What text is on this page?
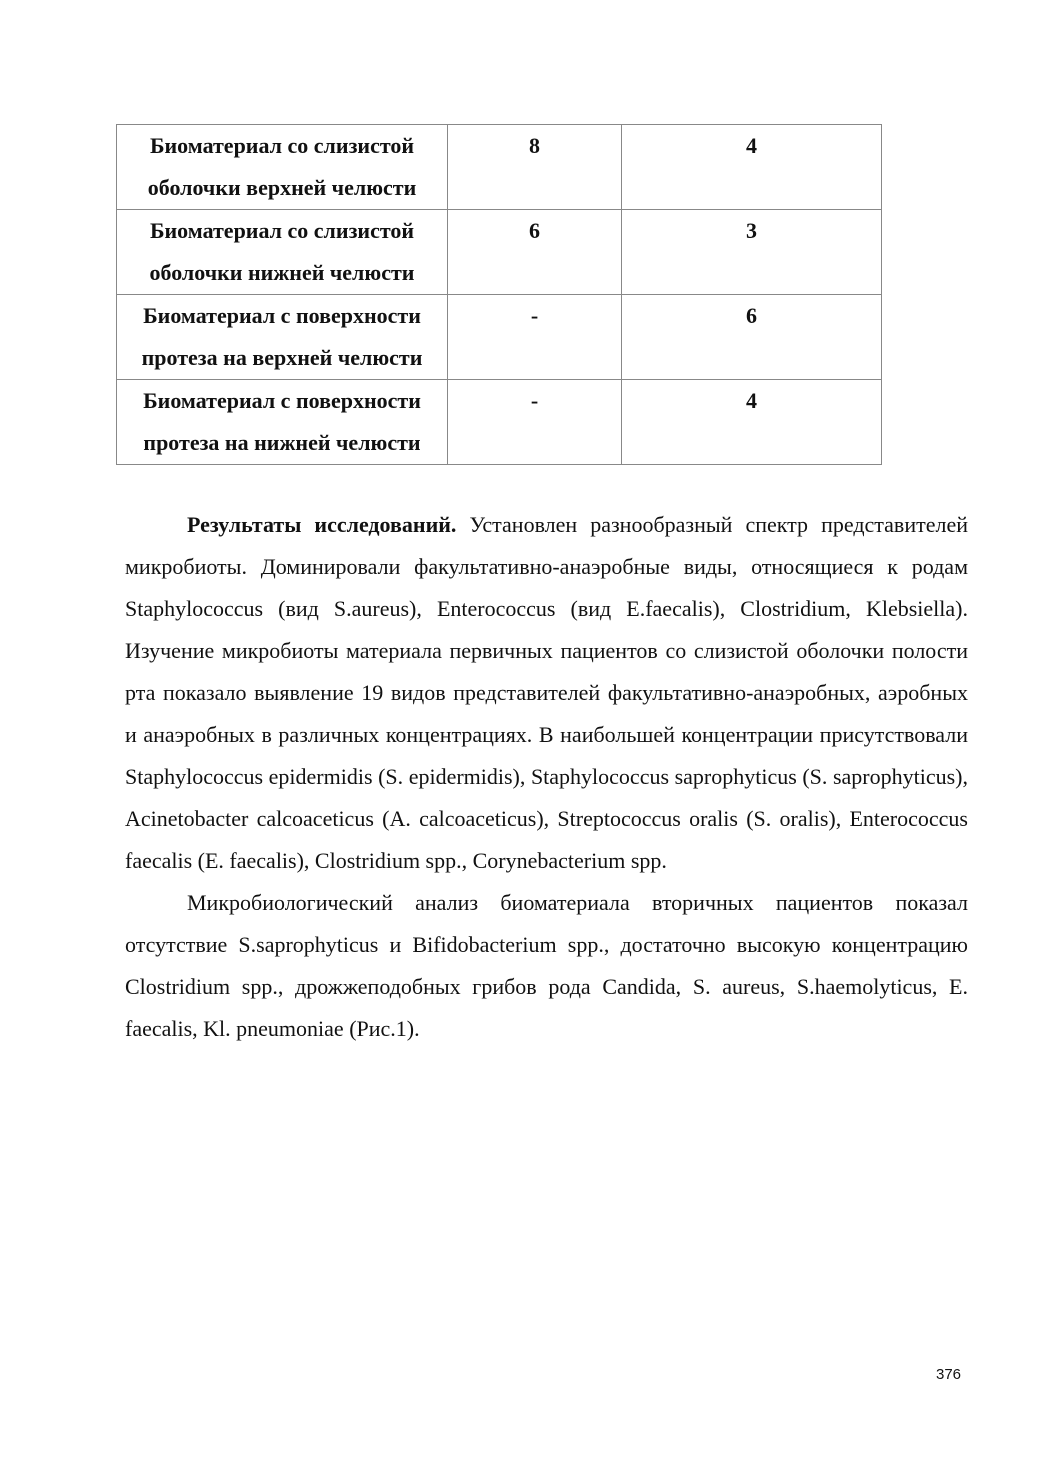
Биоматериал со слизистой
оболочки верхней челюсти	8	4

Биоматериал со слизистой
оболочки нижней челюсти	6	3

Биоматериал с поверхности
протеза на верхней челюсти	-	6

Биоматериал с поверхности
протеза на нижней челюсти	-	4

Результаты исследований. Установлен разнообразный спектр представителей микробиоты. Доминировали факультативно-анаэробные виды, относящиеся к родам Staphylococcus (вид S.aureus), Enterococcus (вид E.faecalis), Clostridium, Klebsiella). Изучение микробиоты материала первичных пациентов со слизистой оболочки полости рта показало выявление 19 видов представителей факультативно-анаэробных, аэробных и анаэробных в различных концентрациях. В наибольшей концентрации присутствовали Staphylococcus epidermidis (S. epidermidis), Staphylococcus saprophyticus (S. saprophyticus), Acinetobacter calcoaceticus (A. calcoaceticus), Streptococcus oralis (S. oralis), Enterococcus faecalis (E. faecalis), Clostridium spp., Corynebacterium spp.

Микробиологический анализ биоматериала вторичных пациентов показал отсутствие S.saprophyticus и Bifidobacterium spp., достаточно высокую концентрацию Clostridium spp., дрожжеподобных грибов рода Candida, S. aureus, S.haemolyticus, E. faecalis, Kl. pneumoniae (Рис.1).

376
